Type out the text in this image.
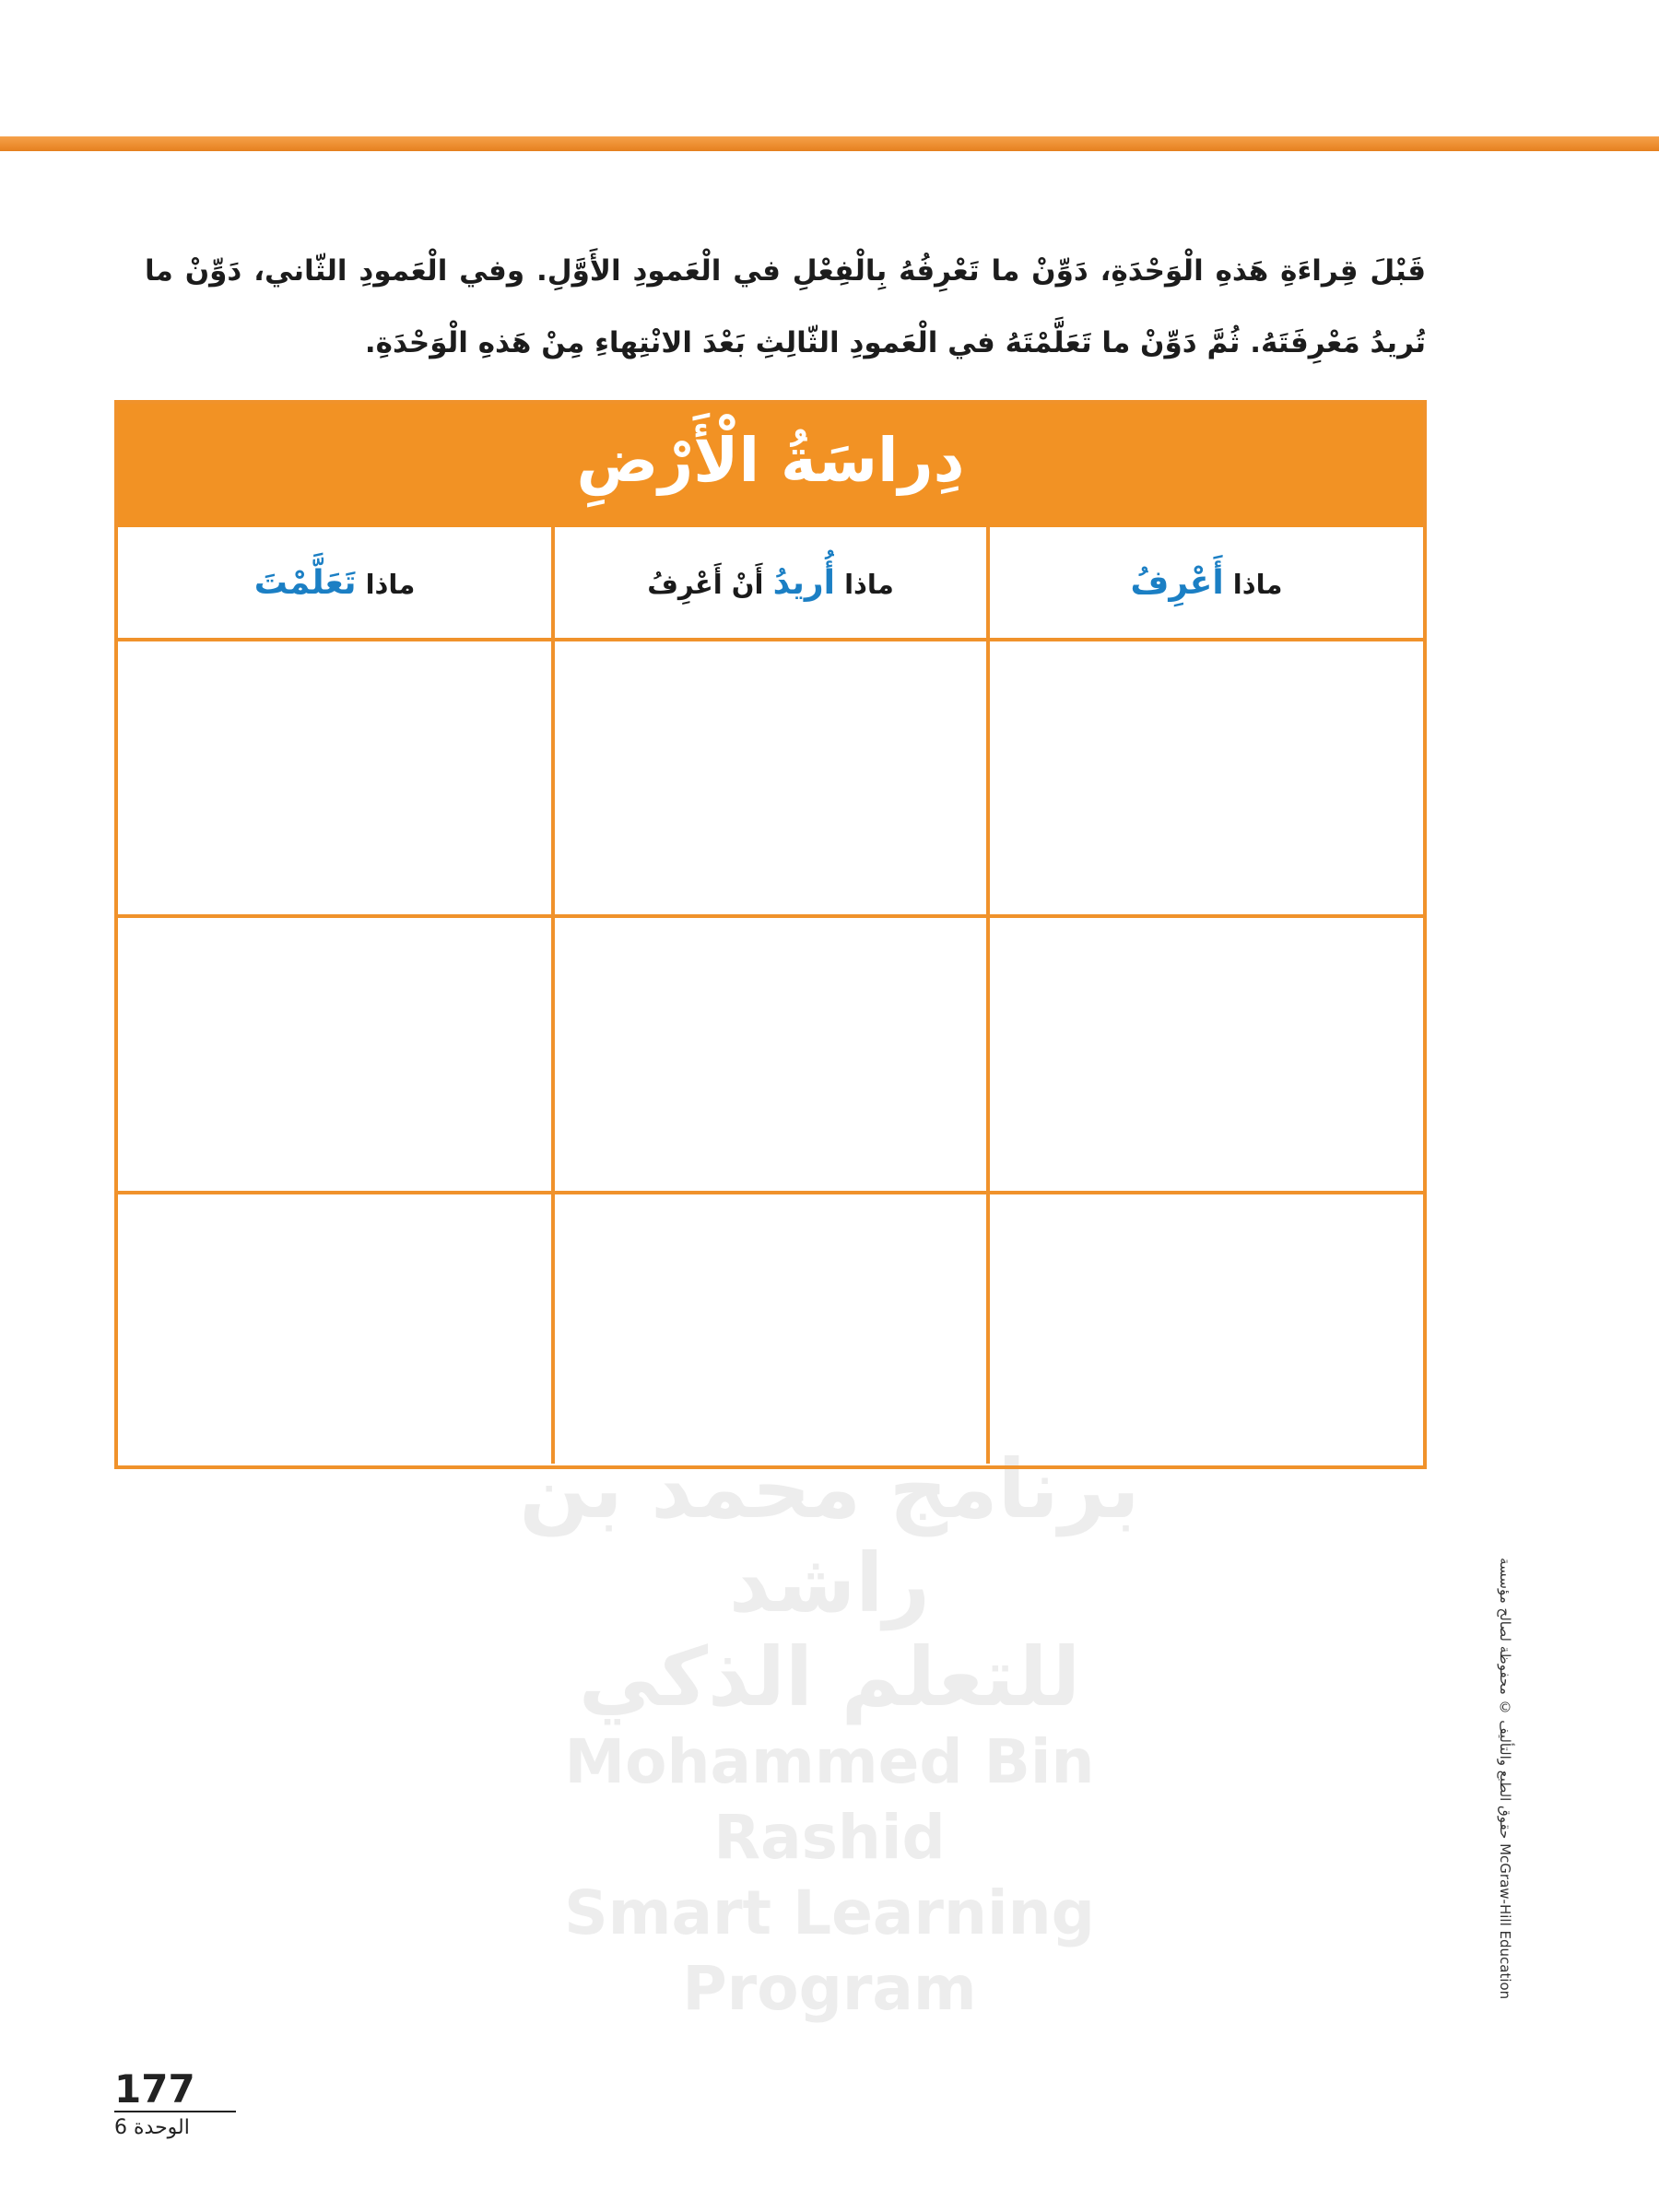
قَبْلَ قِراءَةِ هَذهِ الْوَحْدَةِ، دَوِّنْ ما تَعْرِفُهُ بِالْفِعْلِ في الْعَمودِ الأَوَّلِ. وفي الْعَمودِ الثّاني، دَوِّنْ ما تُريدُ مَعْرِفَتَهُ. ثُمَّ دَوِّنْ ما تَعَلَّمْتَهُ في الْعَمودِ الثّالِثِ بَعْدَ الانْتِهاءِ مِنْ هَذهِ الْوَحْدَةِ.
برنامج محمد بن راشد
للتعلم الذكي
Mohammed Bin Rashid
Smart Learning Program
دِراسَةُ الْأَرْضِ
ماذا أَعْرِفُ	ماذا أُريدُ أَنْ أَعْرِفُ	ماذا تَعَلَّمْتَ

حقوق الطبع والتأليف © محفوظة لصالح مؤسسة McGraw-Hill Education
177
الوحدة 6
